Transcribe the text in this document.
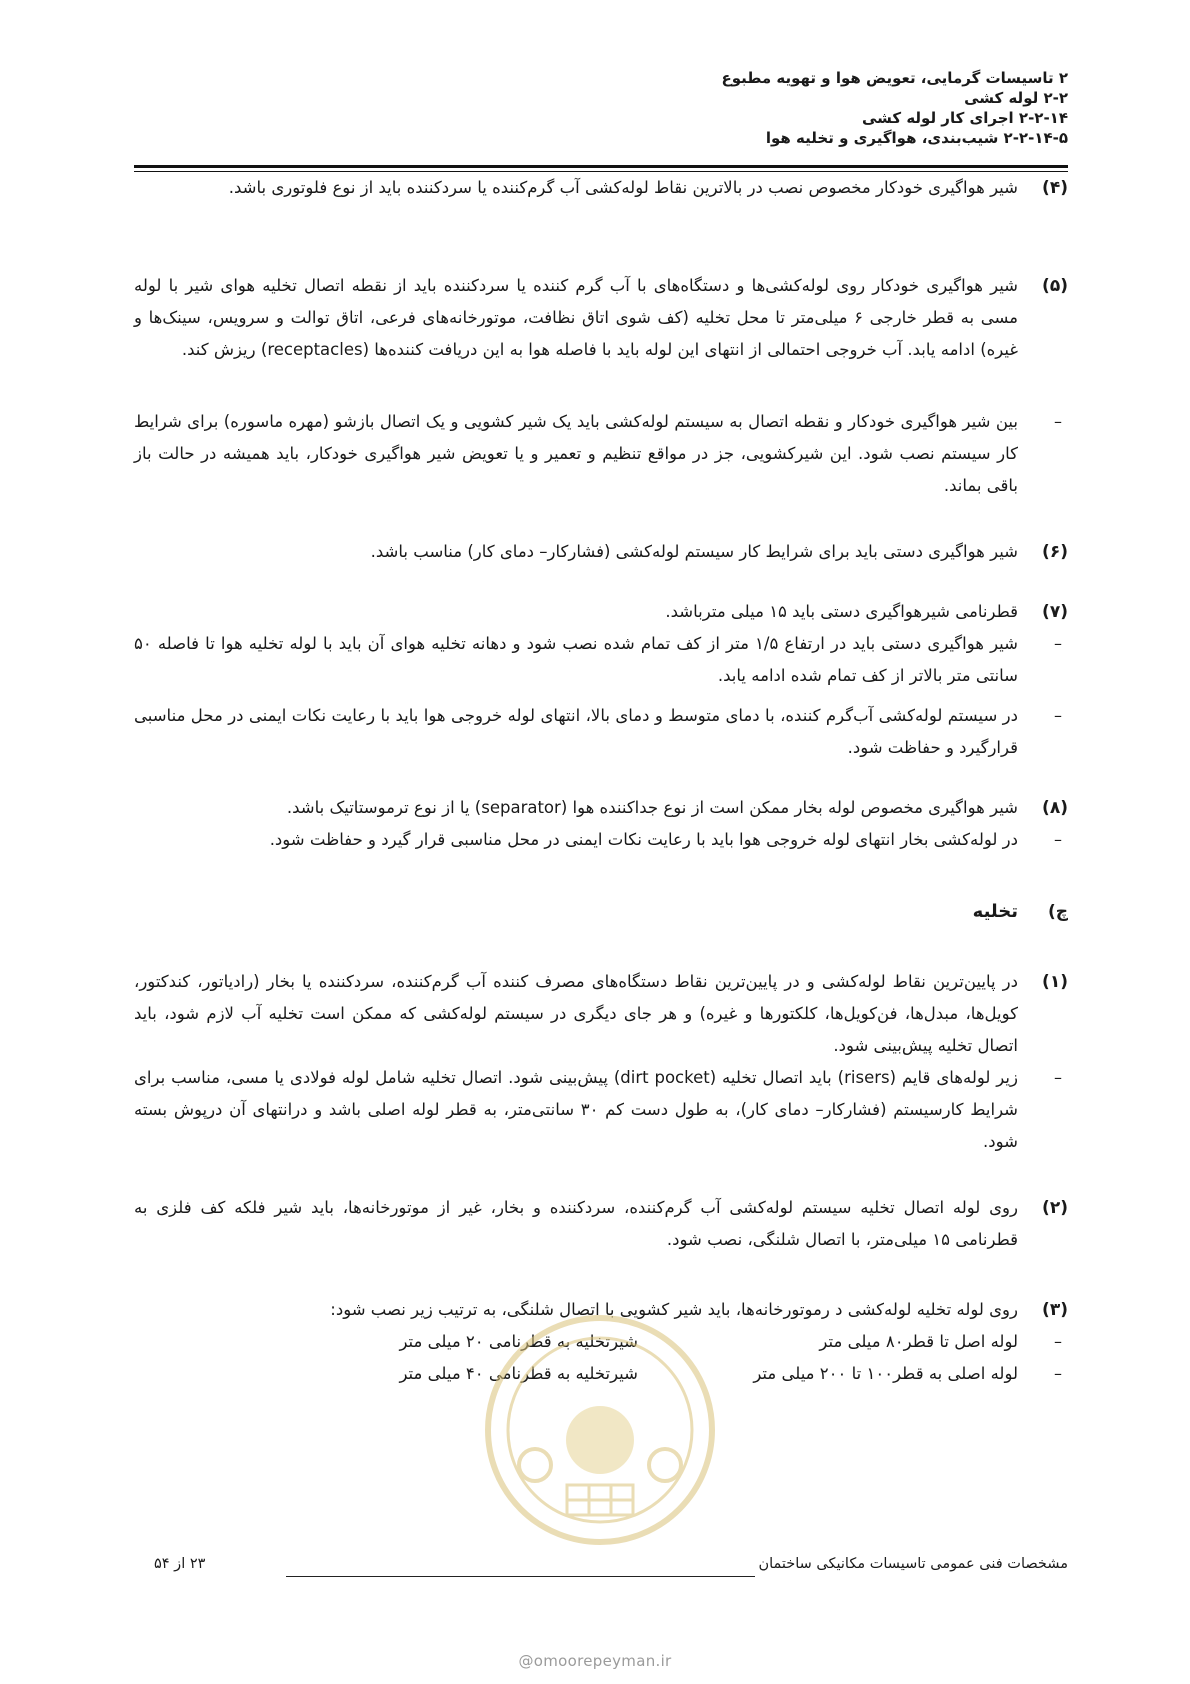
۲ تاسیسات گرمایی، تعویض هوا و تهویه مطبوع
۲-۲ لوله کشی
۲-۲-۱۴ اجرای کار لوله کشی
۲-۲-۱۴-۵ شیب‌بندی، هواگیری و تخلیه هوا
(۴)
شیر هواگیری خودکار مخصوص نصب در بالاترین نقاط لوله‌کشی آب گرم‌کننده یا سردکننده باید از نوع فلوتوری باشد.
(۵)
شیر هواگیری خودکار روی لوله‌کشی‌ها و دستگاه‌های با آب گرم کننده یا سردکننده باید از نقطه اتصال تخلیه هوای شیر با لوله مسی به قطر خارجی ۶ میلی‌متر تا محل تخلیه (کف شوی اتاق نظافت، موتورخانه‌های فرعی، اتاق توالت و سرویس، سینک‌ها و غیره) ادامه یابد. آب خروجی احتمالی از انتهای این لوله باید با فاصله هوا به این دریافت کننده‌ها (receptacles) ریزش کند.
–
بین شیر هواگیری خودکار و نقطه اتصال به سیستم لوله‌کشی باید یک شیر کشویی و یک اتصال بازشو (مهره ماسوره) برای شرایط کار سیستم نصب شود. این شیرکشویی، جز در مواقع تنظیم و تعمیر و یا تعویض شیر هواگیری خودکار، باید همیشه در حالت باز باقی بماند.
(۶)
شیر هواگیری دستی باید برای شرایط کار سیستم لوله‌کشی (فشارکار– دمای کار) مناسب باشد.
(۷)
قطرنامی شیرهواگیری دستی باید ۱۵ میلی مترباشد.
–
شیر هواگیری دستی باید در ارتفاع ۱/۵ متر از کف تمام شده نصب شود و دهانه تخلیه هوای آن باید با لوله تخلیه هوا تا فاصله ۵۰ سانتی متر بالاتر از کف تمام شده ادامه یابد.
–
در سیستم لوله‌کشی آب‌گرم کننده، با دمای متوسط و دمای بالا، انتهای لوله خروجی هوا باید با رعایت نکات ایمنی در محل مناسبی قرارگیرد و حفاظت شود.
(۸)
شیر هواگیری مخصوص لوله بخار ممکن است از نوع جداکننده هوا (separator) یا از نوع ترموستاتیک باشد.
–
در لوله‌کشی بخار انتهای لوله خروجی هوا باید با رعایت نکات ایمنی در محل مناسبی قرار گیرد و حفاظت شود.
چ)
تخلیه
(۱)
در پایین‌ترین نقاط لوله‌کشی و در پایین‌ترین نقاط دستگاه‌های مصرف کننده آب گرم‌کننده، سردکننده یا بخار (رادیاتور، کندکتور، کویل‌ها، مبدل‌ها، فن‌کویل‌ها، کلکتورها و غیره) و هر جای دیگری در سیستم لوله‌کشی که ممکن است تخلیه آب لازم شود، باید اتصال تخلیه پیش‌بینی شود.
–
زیر لوله‌های قایم (risers) باید اتصال تخلیه (dirt pocket) پیش‌بینی شود. اتصال تخلیه شامل لوله فولادی یا مسی، مناسب برای شرایط کارسیستم (فشارکار– دمای کار)، به طول دست کم ۳۰ سانتی‌متر، به قطر لوله اصلی باشد و درانتهای آن درپوش بسته شود.
(۲)
روی لوله اتصال تخلیه سیستم لوله‌کشی آب گرم‌کننده، سردکننده و بخار، غیر از موتورخانه‌ها، باید شیر فلکه کف فلزی به قطرنامی ۱۵ میلی‌متر، با اتصال شلنگی، نصب شود.
(۳)
روی لوله تخلیه لوله‌کشی د رموتورخانه‌ها، باید شیر کشویی با اتصال شلنگی، به ترتیب زیر نصب شود:
–
لوله اصل تا قطر۸۰ میلی متر
شیرتخلیه به قطرنامی ۲۰ میلی متر
–
لوله اصلی به قطر۱۰۰ تا ۲۰۰ میلی متر
شیرتخلیه به قطرنامی ۴۰ میلی متر
مشخصات فنی عمومی تاسیسات مکانیکی ساختمان
۲۳ از ۵۴
@omoorepeyman.ir
